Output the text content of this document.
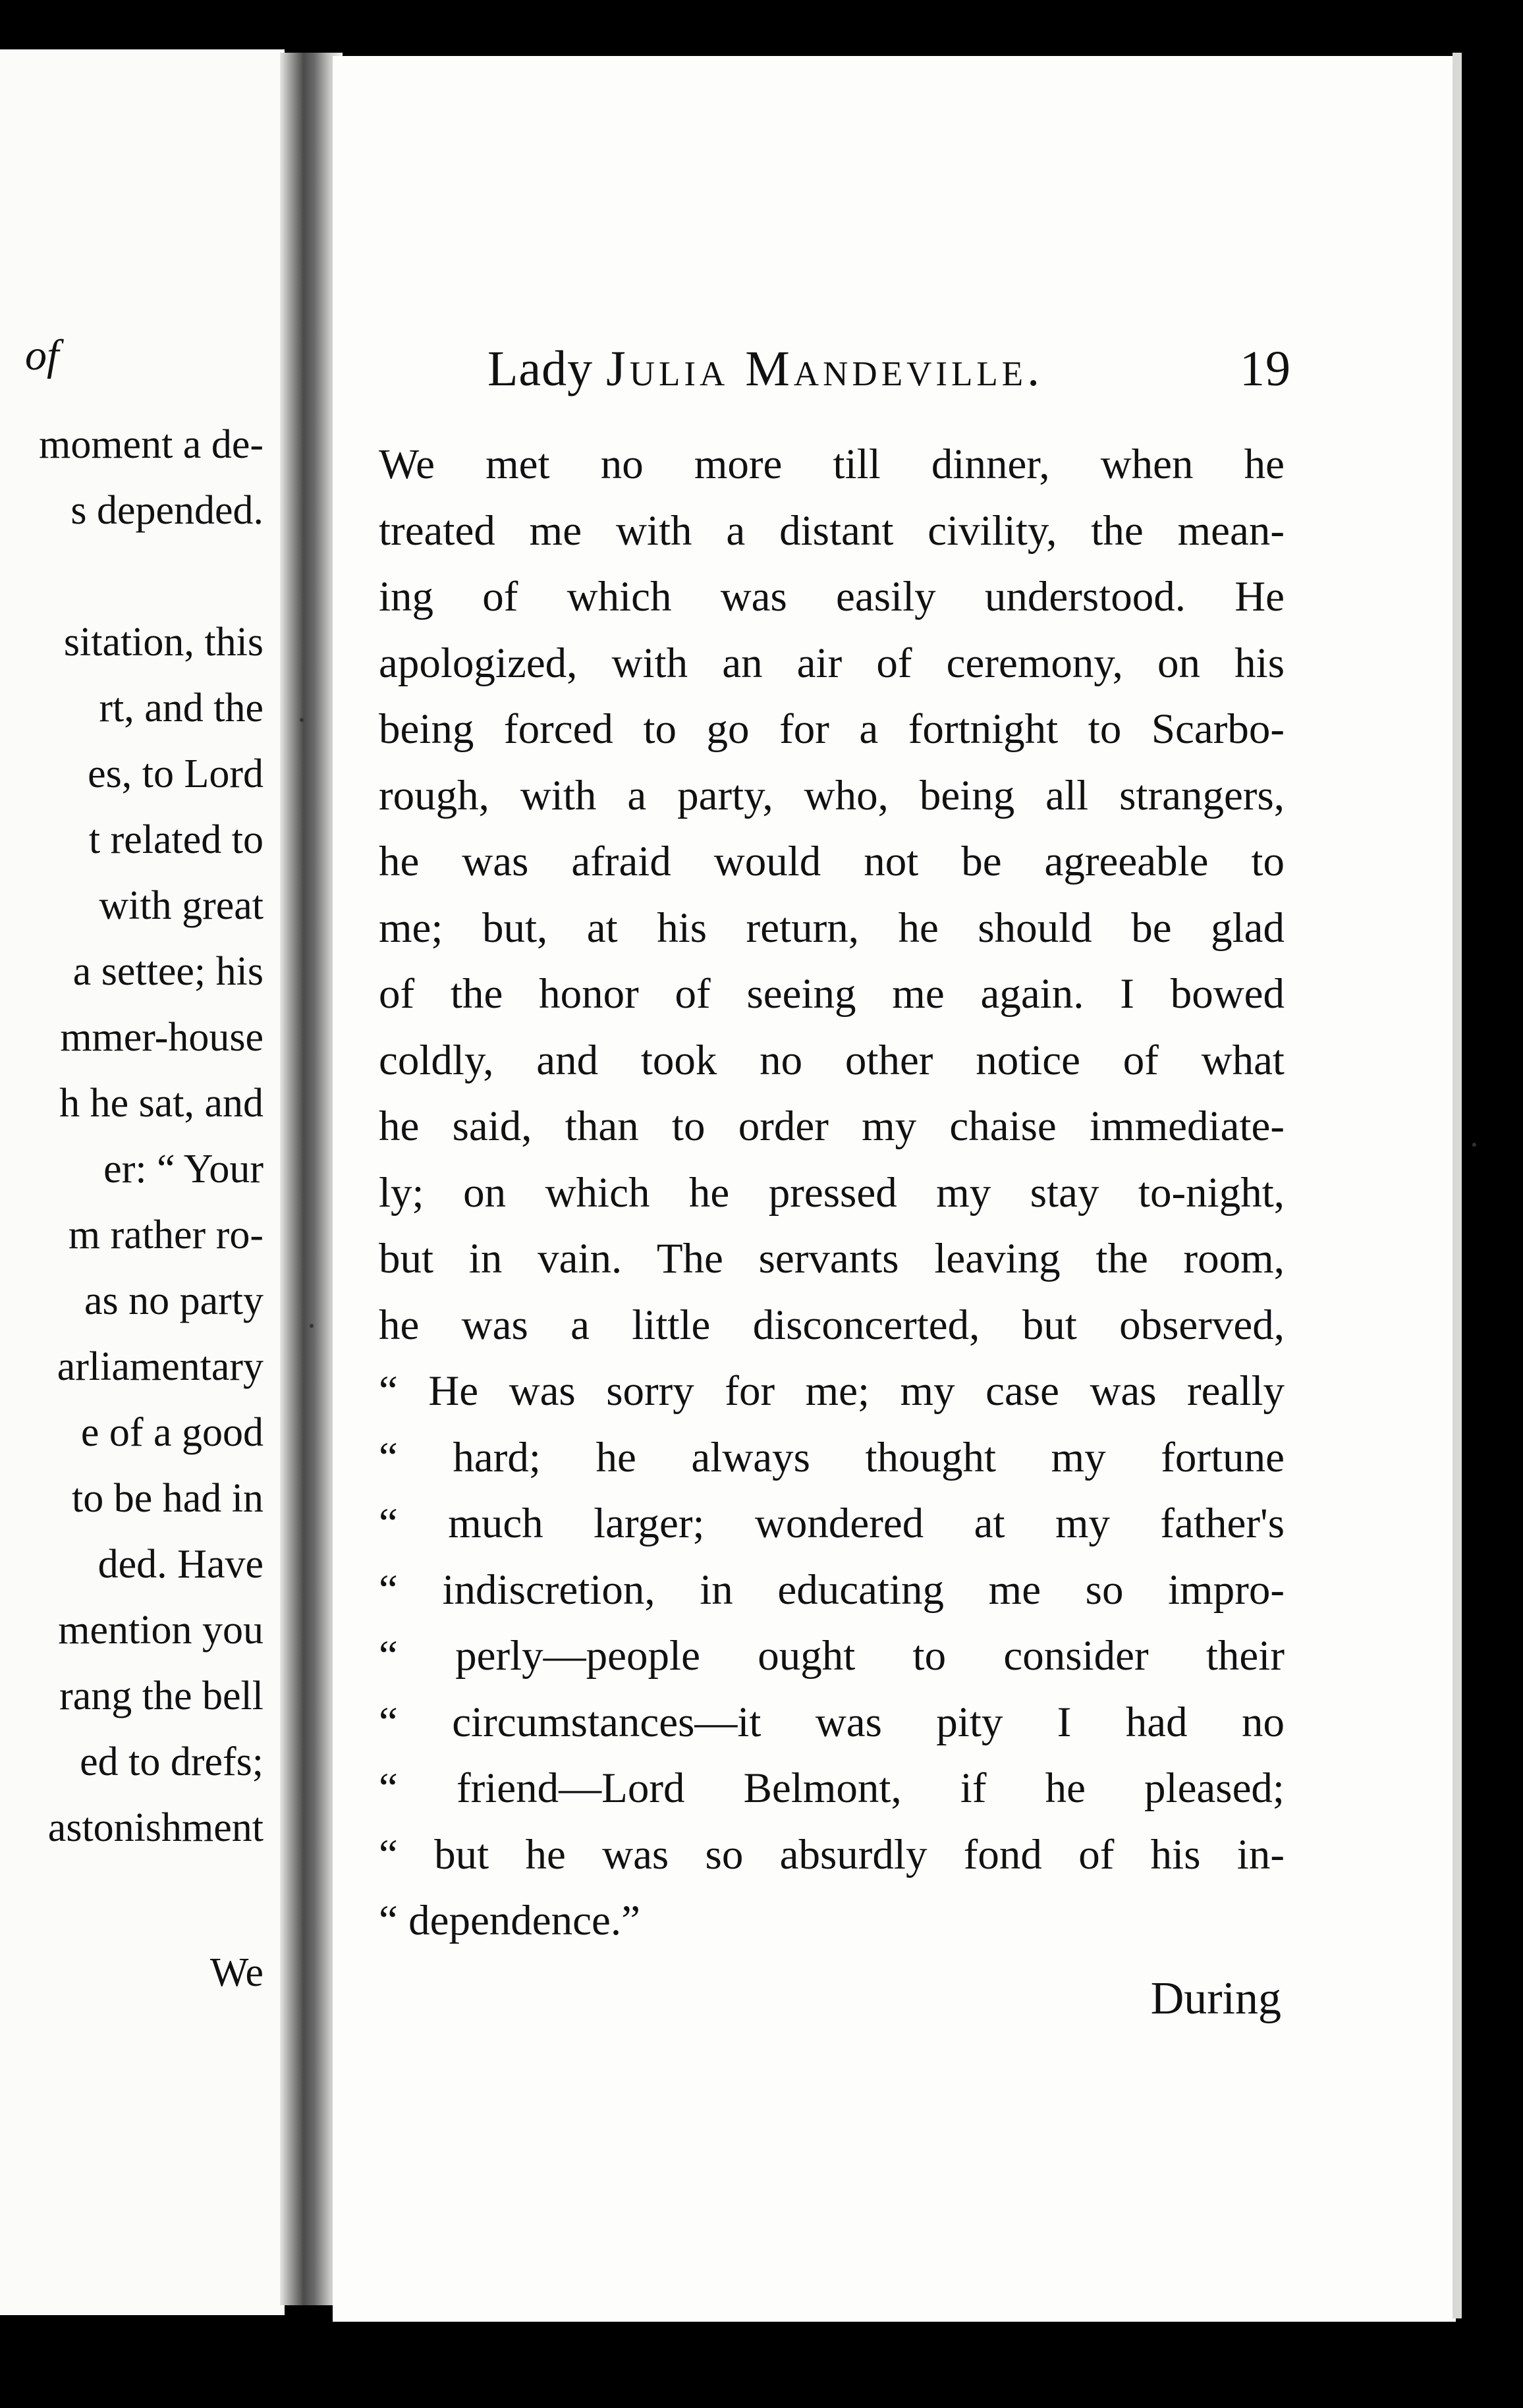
of
moment a de-
s depended.
sitation, this
rt, and the
es, to Lord
t related to
with great
a settee; his
mmer-house
h he sat, and
er: “ Your
m rather ro-
as no party
arliamentary
e of a good
to be had in
ded. Have
mention you
rang the bell
ed to drefs;
astonishment
We
Lady Julia Mandeville.	19
We met no more till dinner, when he
treated me with a distant civility, the mean-
ing of which was easily understood. He
apologized, with an air of ceremony, on his
being forced to go for a fortnight to Scarbo-
rough, with a party, who, being all strangers,
he was afraid would not be agreeable to
me; but, at his return, he should be glad
of the honor of seeing me again. I bowed
coldly, and took no other notice of what
he said, than to order my chaise immediate-
ly; on which he pressed my stay to-night,
but in vain. The servants leaving the room,
he was a little disconcerted, but observed,
“ He was sorry for me; my case was really
“ hard; he always thought my fortune
“ much larger; wondered at my father's
“ indiscretion, in educating me so impro-
“ perly—people ought to consider their
“ circumstances—it was pity I had no
“ friend—Lord Belmont, if he pleased;
“ but he was so absurdly fond of his in-
“ dependence.”
During
